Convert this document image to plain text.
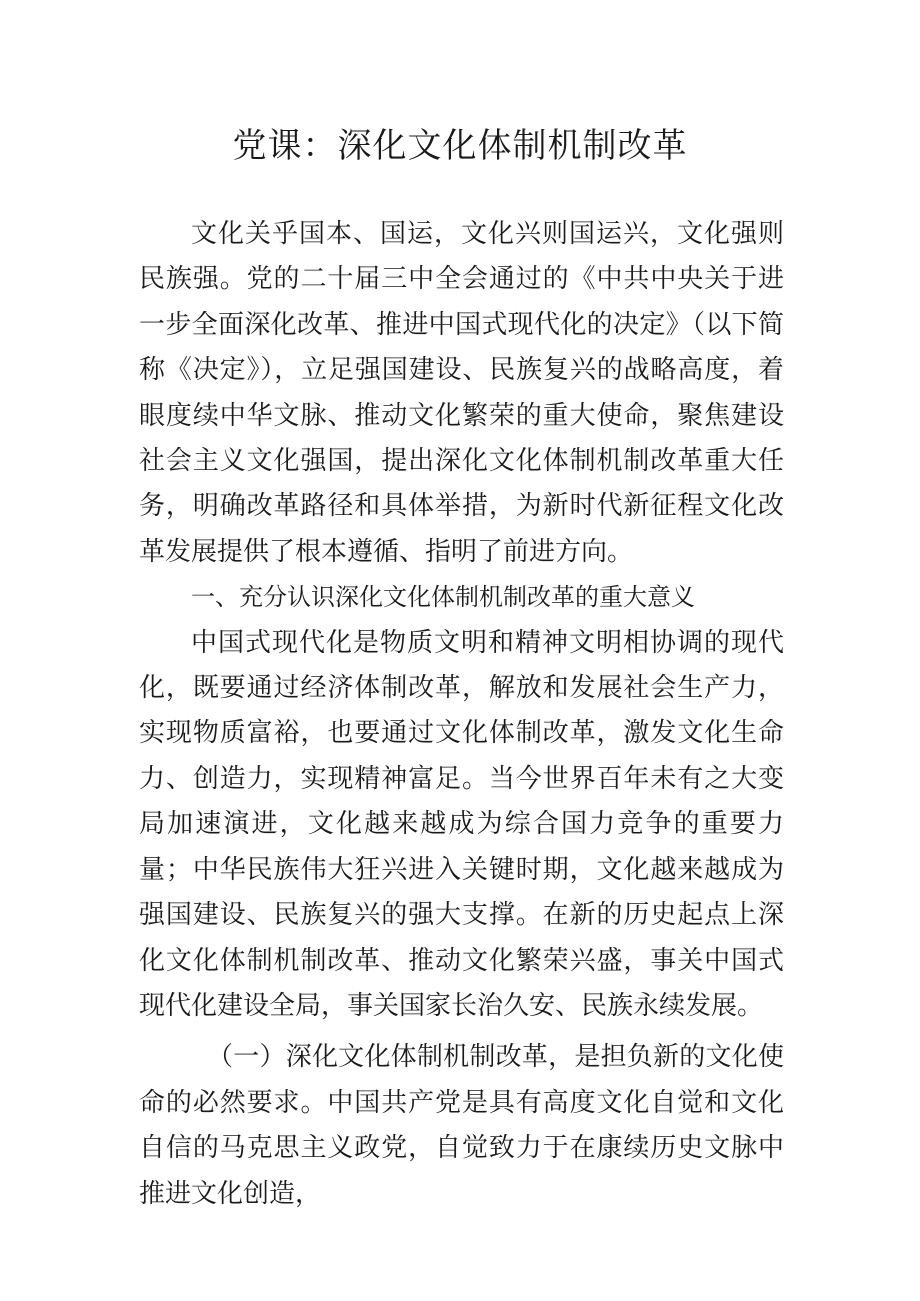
党课：深化文化体制机制改革

文化关乎国本、国运，文化兴则国运兴，文化强则民族强。党的二十届三中全会通过的《中共中央关于进一步全面深化改革、推进中国式现代化的决定》（以下简称《决定》），立足强国建设、民族复兴的战略高度，着眼度续中华文脉、推动文化繁荣的重大使命，聚焦建设社会主义文化强国，提出深化文化体制机制改革重大任务，明确改革路径和具体举措，为新时代新征程文化改革发展提供了根本遵循、指明了前进方向。

一、充分认识深化文化体制机制改革的重大意义

中国式现代化是物质文明和精神文明相协调的现代化，既要通过经济体制改革，解放和发展社会生产力，实现物质富裕，也要通过文化体制改革，激发文化生命力、创造力，实现精神富足。当今世界百年未有之大变局加速演进，文化越来越成为综合国力竞争的重要力量；中华民族伟大狂兴进入关键时期，文化越来越成为强国建设、民族复兴的强大支撑。在新的历史起点上深化文化体制机制改革、推动文化繁荣兴盛，事关中国式现代化建设全局，事关国家长治久安、民族永续发展。

（一）深化文化体制机制改革，是担负新的文化使命的必然要求。中国共产党是具有高度文化自觉和文化自信的马克思主义政党，自觉致力于在康续历史文脉中推进文化创造，
